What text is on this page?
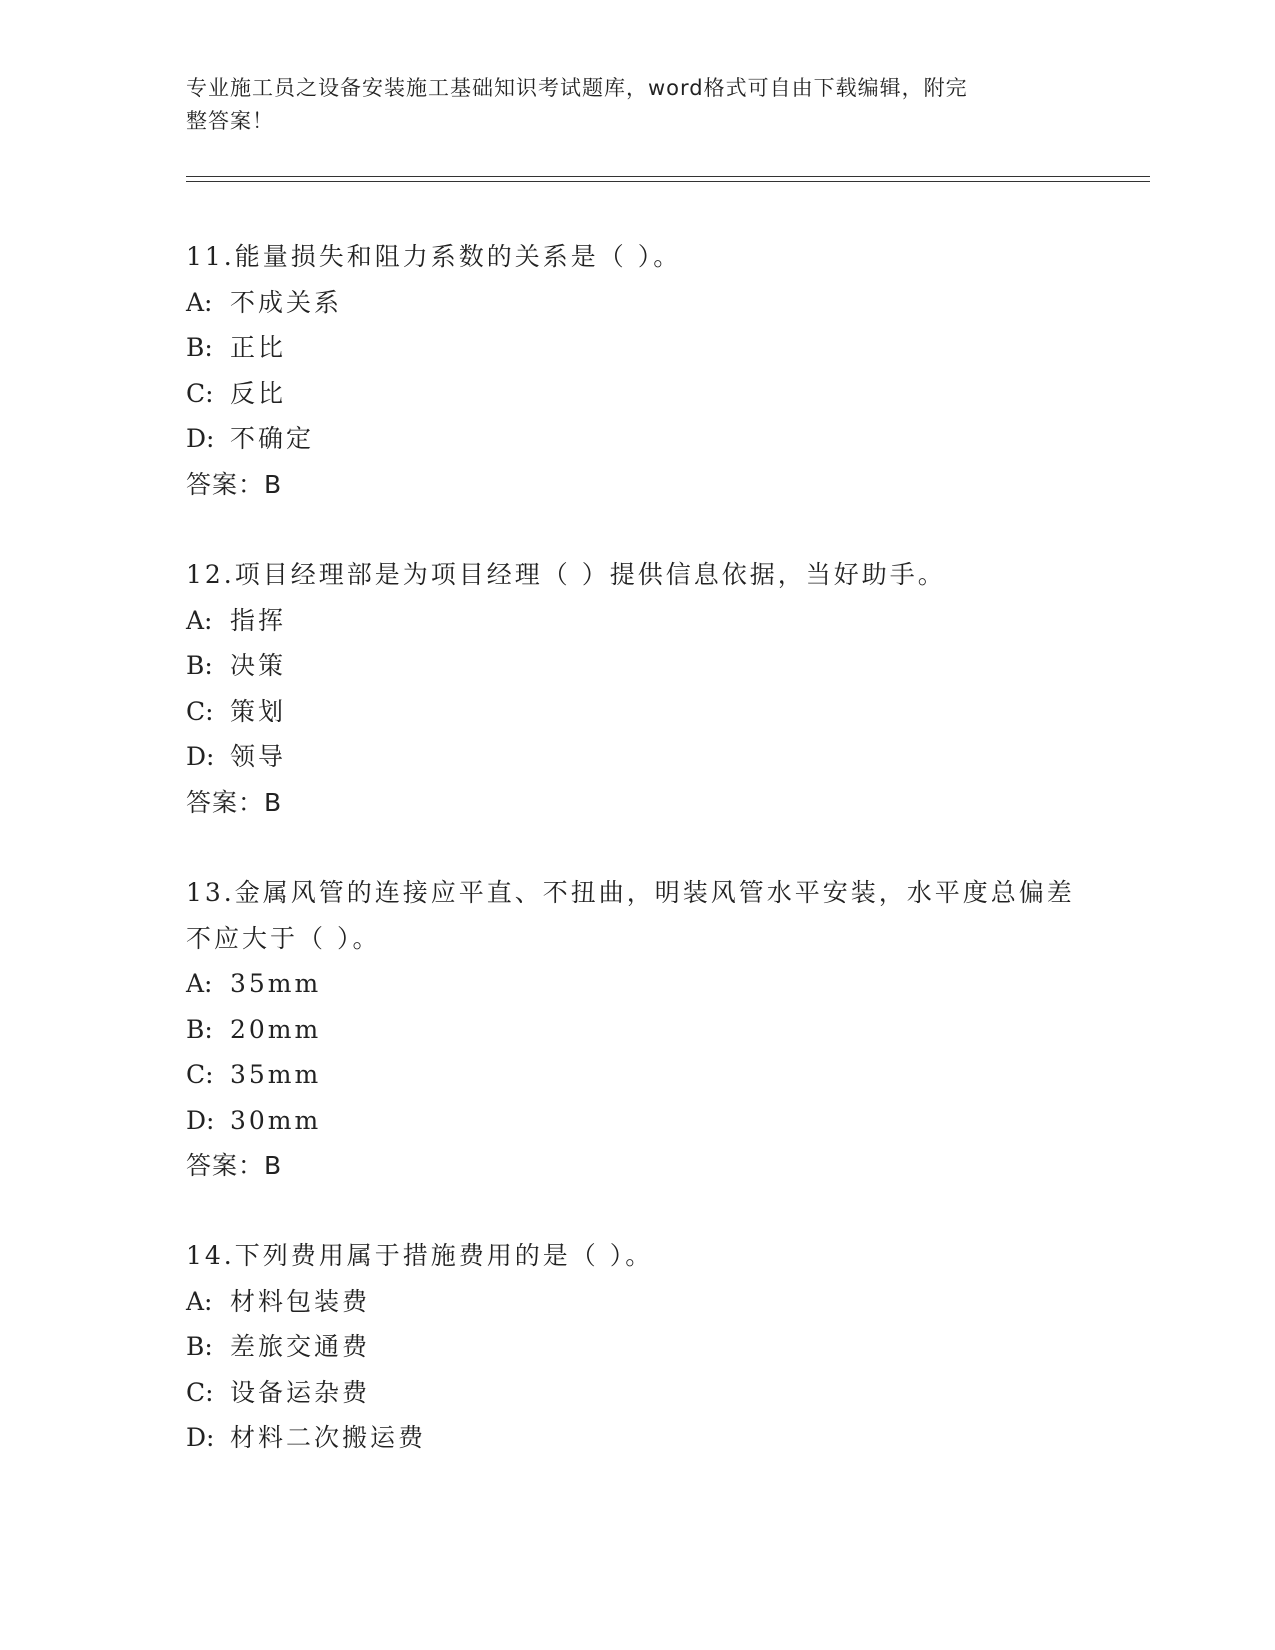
专业施工员之设备安装施工基础知识考试题库，word格式可自由下载编辑，附完
整答案！
11.能量损失和阻力系数的关系是（ ）。
A: 不成关系
B: 正比
C: 反比
D: 不确定
答案：B
12.项目经理部是为项目经理（ ）提供信息依据，当好助手。
A: 指挥
B: 决策
C: 策划
D: 领导
答案：B
13.金属风管的连接应平直、不扭曲，明装风管水平安装，水平度总偏差不应大于（ ）。
A: 35mm
B: 20mm
C: 35mm
D: 30mm
答案：B
14.下列费用属于措施费用的是（ ）。
A: 材料包装费
B: 差旅交通费
C: 设备运杂费
D: 材料二次搬运费
